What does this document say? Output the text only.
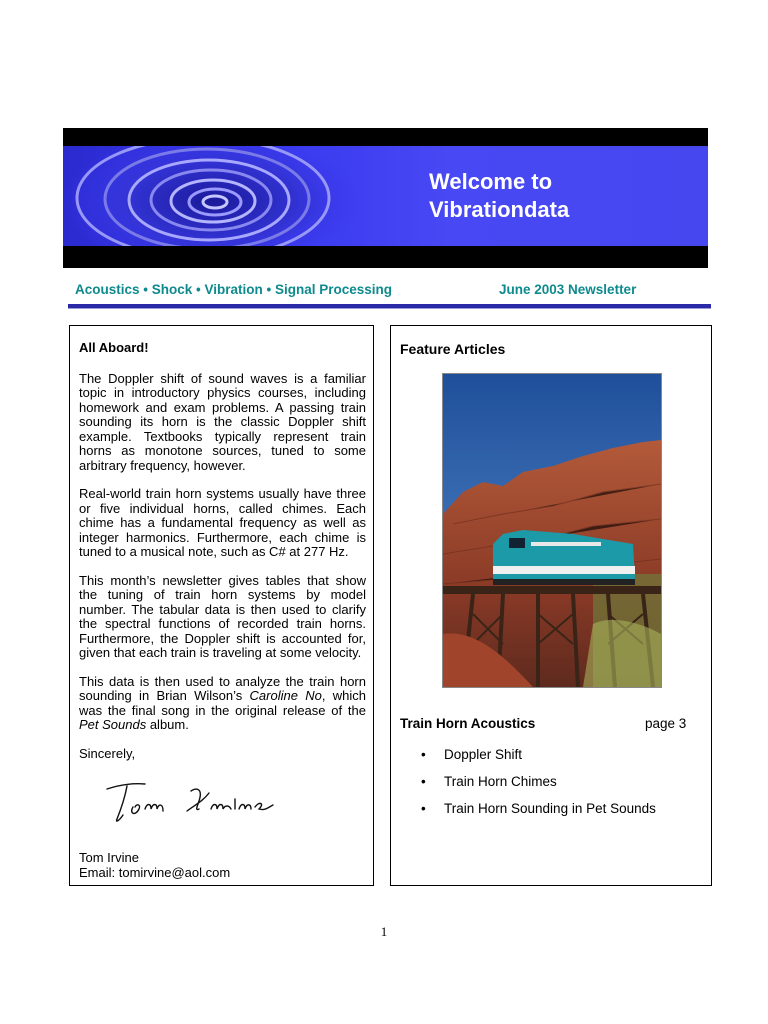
Welcome to
Vibrationdata
Acoustics • Shock • Vibration • Signal Processing	June 2003 Newsletter
All Aboard!

The Doppler shift of sound waves is a familiar topic in introductory physics courses, including homework and exam problems. A passing train sounding its horn is the classic Doppler shift example. Textbooks typically represent train horns as monotone sources, tuned to some arbitrary frequency, however.

Real-world train horn systems usually have three or five individual horns, called chimes. Each chime has a fundamental frequency as well as integer harmonics. Furthermore, each chime is tuned to a musical note, such as C# at 277 Hz.

This month’s newsletter gives tables that show the tuning of train horn systems by model number. The tabular data is then used to clarify the spectral functions of recorded train horns. Furthermore, the Doppler shift is accounted for, given that each train is traveling at some velocity.

This data is then used to analyze the train horn sounding in Brian Wilson’s Caroline No, which was the final song in the original release of the Pet Sounds album.

Sincerely,

Tom Irvine
Email: tomirvine@aol.com
Feature Articles
Train Horn Acoustics	page 3
• Doppler Shift
• Train Horn Chimes
• Train Horn Sounding in Pet Sounds
1
